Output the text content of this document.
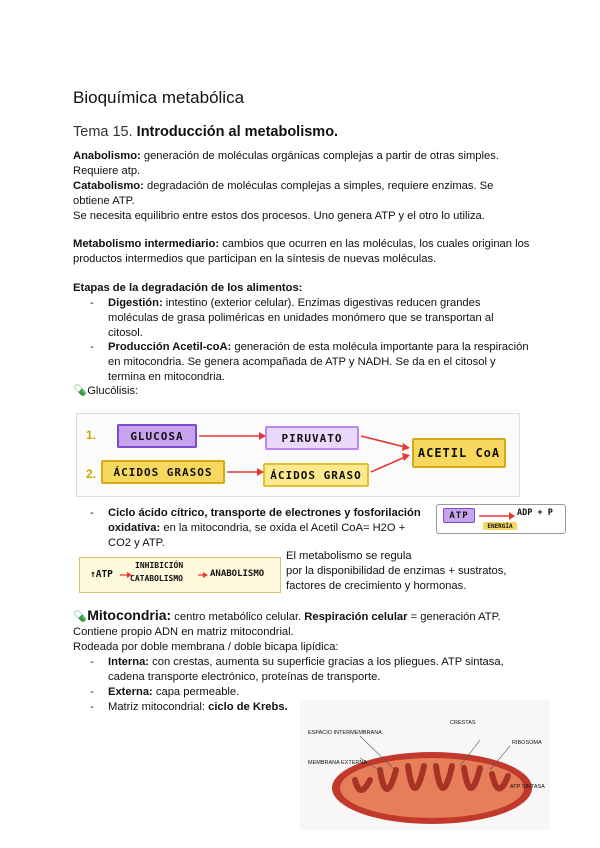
Bioquímica metabólica
Tema 15. Introducción al metabolismo.
Anabolismo: generación de moléculas orgánicas complejas a partir de otras simples.
Requiere atp.
Catabolismo: degradación de moléculas complejas a simples, requiere enzimas. Se
obtiene ATP.
Se necesita equilibrio entre estos dos procesos. Uno genera ATP y el otro lo utiliza.
Metabolismo intermediario: cambios que ocurren en las moléculas, los cuales originan los
productos intermedios que participan en la síntesis de nuevas moléculas.
Etapas de la degradación de los alimentos:
- Digestión: intestino (exterior celular). Enzimas digestivas reducen grandes
moléculas de grasa poliméricas en unidades monómero que se transportan al
citosol.
- Producción Acetil-coA: generación de esta molécula importante para la respiración
en mitocondria. Se genera acompañada de ATP y NADH. Se da en el citosol y
termina en mitocondria.
💊︎Glucólisis:
1.
2.
GLUCOSA	PIRUVATO
ÁCIDOS GRASOS	ÁCIDOS GRASO
ACETIL CoA
- Ciclo ácido cítrico, transporte de electrones y fosforilación
oxidativa: en la mitocondria, se oxida el Acetil CoA= H2O +
CO2 y ATP.
ATP	ADP + P
ENERGÍA
↑ATP
INHIBICIÓN
CATABOLISMO	ANABOLISMO
El metabolismo se regula
por la disponibilidad de enzimas + sustratos,
factores de crecimiento y hormonas.
💊︎Mitocondria: centro metabólico celular. Respiración celular = generación ATP.
Contiene propio ADN en matriz mitocondrial.
Rodeada por doble membrana / doble bicapa lipídica:
- Interna: con crestas, aumenta su superficie gracias a los pliegues. ATP sintasa,
cadena transporte electrónico, proteínas de transporte.
- Externa: capa permeable.
- Matriz mitocondrial: ciclo de Krebs.
MEMBRANA EXTERNA
ESPACIO INTERMEMBRANA
RIBOSOMA
ATP SINTASA
CRESTAS
